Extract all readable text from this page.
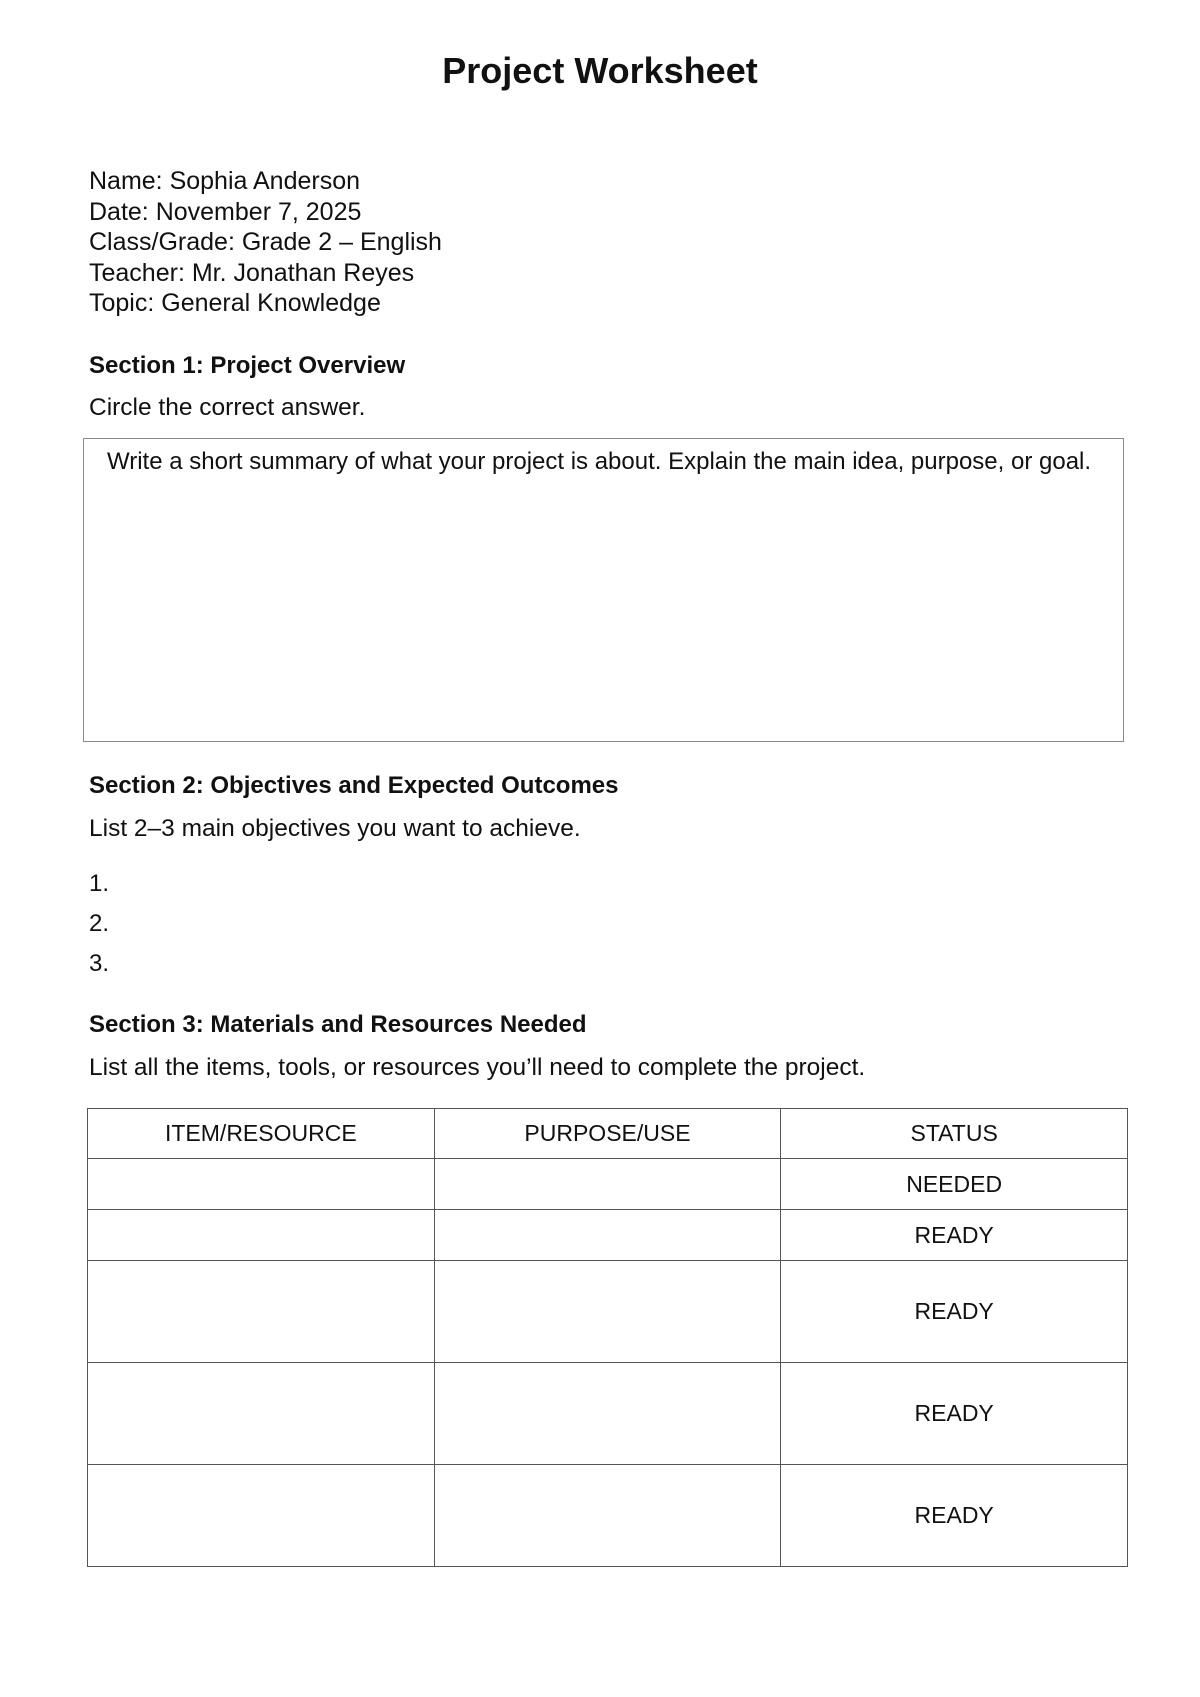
Project Worksheet
Name: Sophia Anderson
Date: November 7, 2025
Class/Grade: Grade 2 – English
Teacher: Mr. Jonathan Reyes
Topic: General Knowledge
Section 1: Project Overview
Circle the correct answer.
Write a short summary of what your project is about. Explain the main idea, purpose, or goal.
Section 2: Objectives and Expected Outcomes
List 2–3 main objectives you want to achieve.
1.
2.
3.
Section 3: Materials and Resources Needed
List all the items, tools, or resources you’ll need to complete the project.
ITEM/RESOURCE	PURPOSE/USE	STATUS
		NEEDED
		READY
		READY
		READY
		READY
